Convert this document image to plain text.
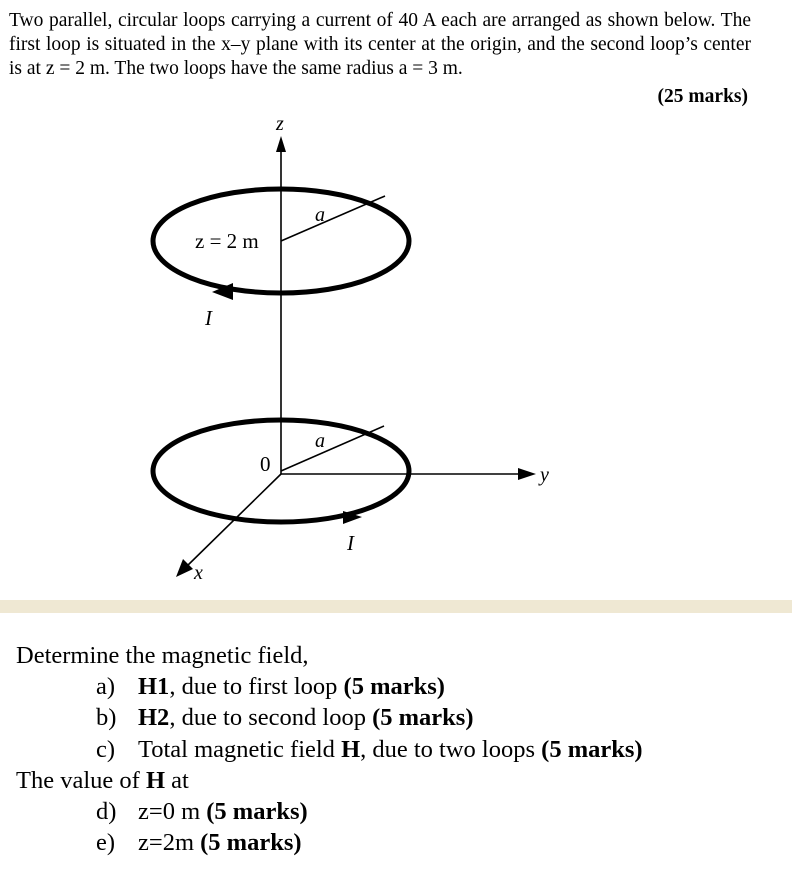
Two parallel, circular loops carrying a current of 40 A each are arranged as shown below. The first loop is situated in the x–y plane with its center at the origin, and the second loop’s center is at z = 2 m. The two loops have the same radius a = 3 m.

(25 marks)

z
a
z = 2 m
I
a
0
I
y
x

Determine the magnetic field,

a) H1, due to first loop (5 marks)

b) H2, due to second loop (5 marks)

c) Total magnetic field H, due to two loops (5 marks)

The value of H at

d) z=0 m (5 marks)

e) z=2m (5 marks)
